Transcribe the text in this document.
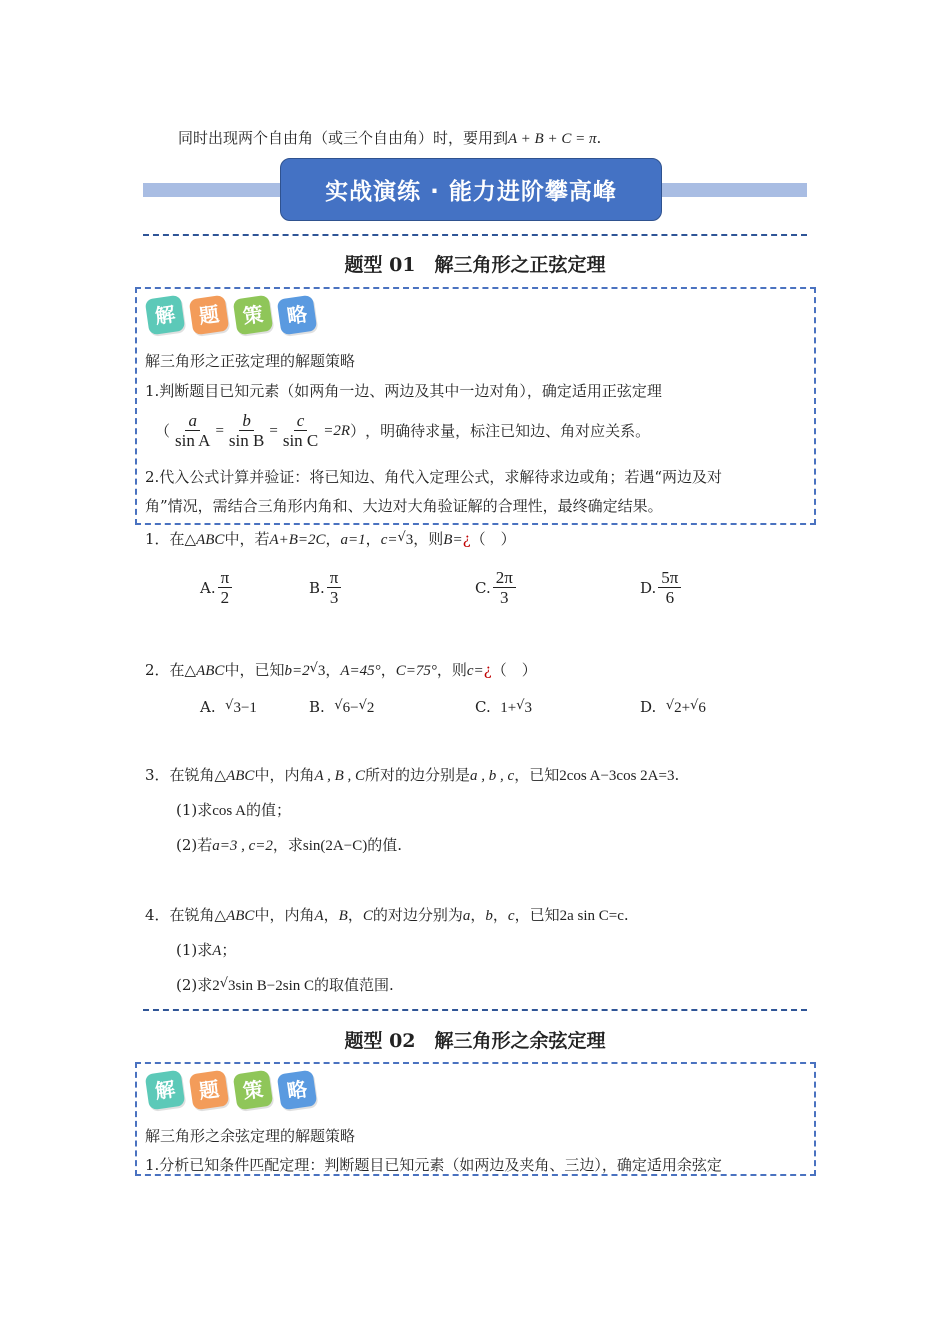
同时出现两个自由角（或三个自由角）时，要用到A + B + C = π.
实战演练 · 能力进阶攀高峰
题型 01　解三角形之正弦定理
解 题 策 略
解三角形之正弦定理的解题策略
1.判断题目已知元素（如两角一边、两边及其中一边对角），确定适用正弦定理
（ $\frac{a}{\text{sin A}} = \frac{b}{\text{sin B}} = \frac{c}{\text{sin C}} =2R$ ） ，明确待求量，标注已知边、角对应关系。
2.代入公式计算并验证：将已知边、角代入定理公式，求解待求边或角；若遇“两边及对
角”情况，需结合三角形内角和、大边对大角验证解的合理性，最终确定结果。
1．在△ABC中，若A+B=2C，a=1，c=√3，则B=¿（　）
A. $\frac{\pi}{2}$	B. $\frac{\pi}{3}$	C. $\frac{2\pi}{3}$	D. $\frac{5\pi}{6}$
2．在△ABC中，已知b=2√3，A=45°，C=75°，则c=¿（　）
A. √3−1	B. √6−√2	C. 1+√3	D. √2+√6
3．在锐角△ABC中，内角A , B , C所对的边分别是a , b , c，已知2cos A−3cos 2A=3.
(1)求cos A的值；
(2)若a=3 , c=2，求sin(2A−C)的值.
4．在锐角△ABC中，内角A，B，C的对边分别为a，b，c，已知2a sin C=c.
(1)求A；
(2)求2√3sin B−2sin C的取值范围.
题型 02　解三角形之余弦定理
解 题 策 略
解三角形之余弦定理的解题策略
1.分析已知条件匹配定理：判断题目已知元素（如两边及夹角、三边），确定适用余弦定
